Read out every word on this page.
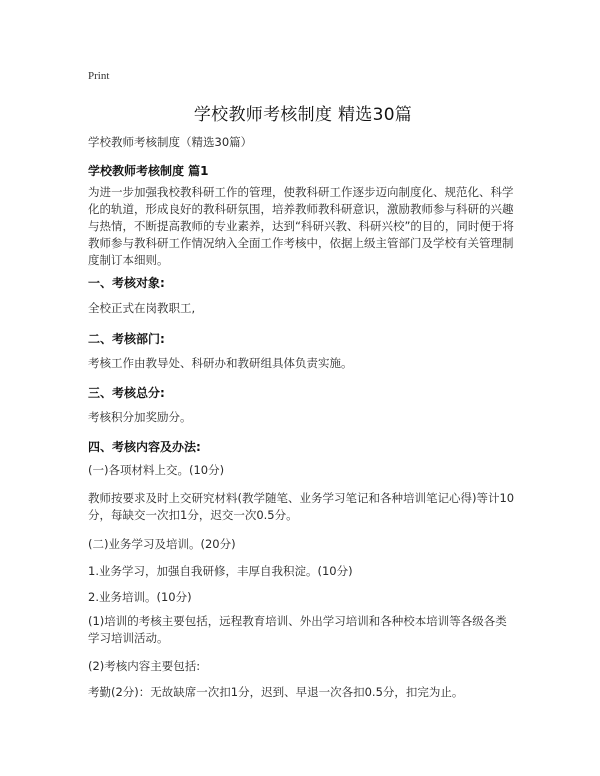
Print
学校教师考核制度 精选30篇
学校教师考核制度（精选30篇）
学校教师考核制度 篇1
为进一步加强我校教科研工作的管理，使教科研工作逐步迈向制度化、规范化、科学化的轨道，形成良好的教科研氛围，培养教师教科研意识，激励教师参与科研的兴趣与热情，不断提高教师的专业素养，达到“科研兴教、科研兴校”的目的，同时便于将教师参与教科研工作情况纳入全面工作考核中，依据上级主管部门及学校有关管理制度制订本细则。
一、考核对象:
全校正式在岗教职工,
二、考核部门:
考核工作由教导处、科研办和教研组具体负责实施。
三、考核总分:
考核积分加奖励分。
四、考核内容及办法:
(一)各项材料上交。(10分)
教师按要求及时上交研究材料(教学随笔、业务学习笔记和各种培训笔记心得)等计10分，每缺交一次扣1分，迟交一次0.5分。
(二)业务学习及培训。(20分)
1.业务学习，加强自我研修，丰厚自我积淀。(10分)
2.业务培训。(10分)
(1)培训的考核主要包括，远程教育培训、外出学习培训和各种校本培训等各级各类学习培训活动。
(2)考核内容主要包括:
考勤(2分)：无故缺席一次扣1分，迟到、早退一次各扣0.5分，扣完为止。
